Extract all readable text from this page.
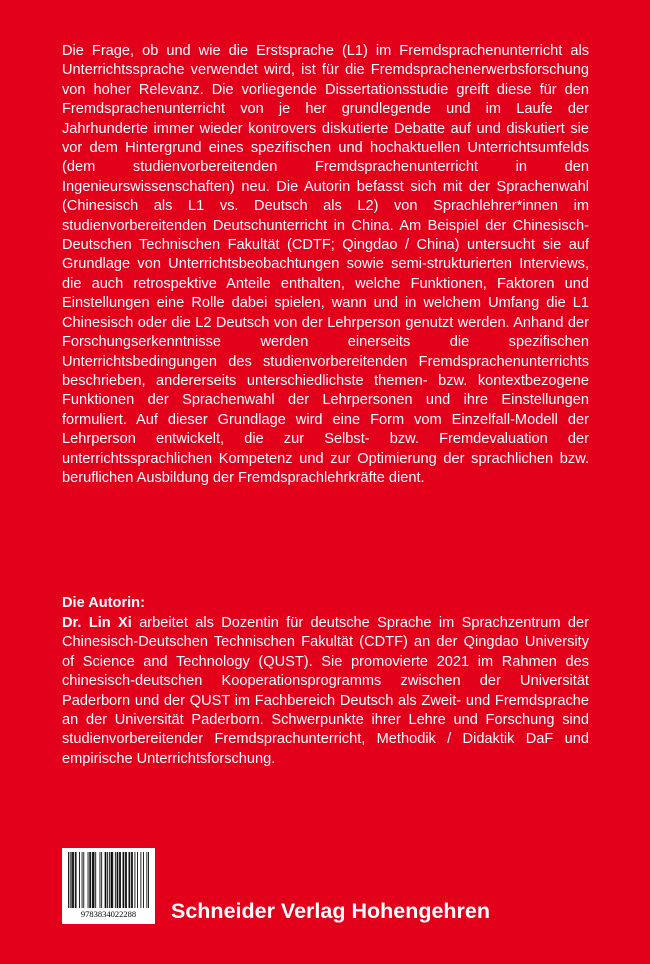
Die Frage, ob und wie die Erstsprache (L1) im Fremdsprachenunterricht als Unterrichtssprache verwendet wird, ist für die Fremdsprachenerwerbsforschung von hoher Relevanz. Die vorliegende Dissertationsstudie greift diese für den Fremdsprachenunterricht von je her grundlegende und im Laufe der Jahrhunderte immer wieder kontrovers diskutierte Debatte auf und diskutiert sie vor dem Hintergrund eines spezifischen und hochaktuellen Unterrichtsumfelds (dem studienvorbereitenden Fremdsprachenunterricht in den Ingenieurswissenschaften) neu. Die Autorin befasst sich mit der Sprachenwahl (Chinesisch als L1 vs. Deutsch als L2) von Sprachlehrer*innen im studienvorbereitenden Deutschunterricht in China. Am Beispiel der Chinesisch-Deutschen Technischen Fakultät (CDTF; Qingdao / China) untersucht sie auf Grundlage von Unterrichtsbeobachtungen sowie semi-strukturierten Interviews, die auch retrospektive Anteile enthalten, welche Funktionen, Faktoren und Einstellungen eine Rolle dabei spielen, wann und in welchem Umfang die L1 Chinesisch oder die L2 Deutsch von der Lehrperson genutzt werden. Anhand der Forschungserkenntnisse werden einerseits die spezifischen Unterrichtsbedingungen des studienvorbereitenden Fremdsprachenunterrichts beschrieben, andererseits unterschiedlichste themen- bzw. kontextbezogene Funktionen der Sprachenwahl der Lehrpersonen und ihre Einstellungen formuliert. Auf dieser Grundlage wird eine Form vom Einzelfall-Modell der Lehrperson entwickelt, die zur Selbst- bzw. Fremdevaluation der unterrichtssprachlichen Kompetenz und zur Optimierung der sprachlichen bzw. beruflichen Ausbildung der Fremdsprachlehrkräfte dient.

Die Autorin:

Dr. Lin Xi arbeitet als Dozentin für deutsche Sprache im Sprachzentrum der Chinesisch-Deutschen Technischen Fakultät (CDTF) an der Qingdao University of Science and Technology (QUST). Sie promovierte 2021 im Rahmen des chinesisch-deutschen Kooperationsprogramms zwischen der Universität Paderborn und der QUST im Fachbereich Deutsch als Zweit- und Fremdsprache an der Universität Paderborn. Schwerpunkte ihrer Lehre und Forschung sind studienvorbereitender Fremdsprachunterricht, Methodik / Didaktik DaF und empirische Unterrichtsforschung.

9783834022288	Schneider Verlag Hohengehren
